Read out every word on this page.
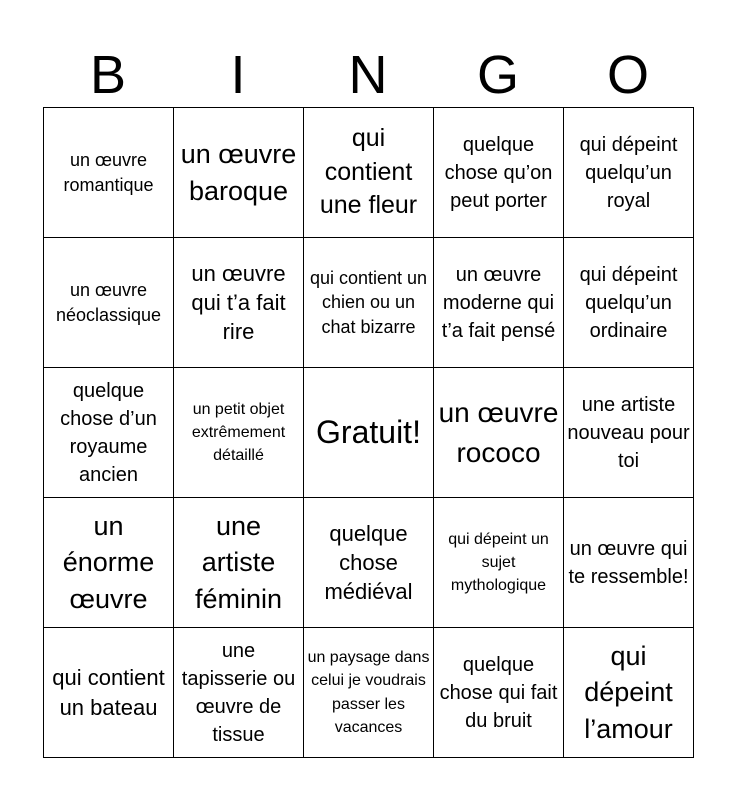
B	I	N	G	O
un œuvre romantique	un œuvre baroque	qui contient une fleur	quelque chose qu’on peut porter	qui dépeint quelqu’un royal

un œuvre néoclassique	un œuvre qui t’a fait rire	qui contient un chien ou un chat bizarre	un œuvre moderne qui t’a fait pensé	qui dépeint quelqu’un ordinaire

quelque chose d’un royaume ancien	un petit objet extrêmement détaillé	Gratuit!	un œuvre rococo	une artiste nouveau pour toi

un énorme œuvre	une artiste féminin	quelque chose médiéval	qui dépeint un sujet mythologique	un œuvre qui te ressemble!

qui contient un bateau	une tapisserie ou œuvre de tissue	un paysage dans celui je voudrais passer les vacances	quelque chose qui fait du bruit	qui dépeint l’amour
